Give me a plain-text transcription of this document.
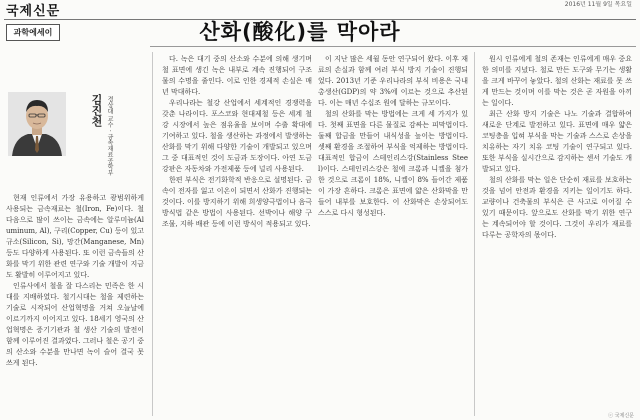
국제신문	2016년 11월 9일 목요일
과학에세이	산화(酸化)를 막아라
김진천 경상대 교수 · 금속재료공학부

현재 인류에서 가장 유용하고 광범위하게 사용되는 금속재료는 철(Iron, Fe)이다. 철 다음으로 많이 쓰이는 금속에는 알루미늄(Aluminum, Al), 구리(Copper, Cu) 등이 있고 규소(Silicon, Si), 망간(Manganese, Mn) 등도 다양하게 사용된다. 또 이런 금속들의 산화를 막기 위한 관련 연구와 기술 개발이 지금도 활발히 이루어지고 있다.

인류사에서 철을 잘 다스리는 민족은 한 시대를 지배하였다. 철기시대는 철을 제련하는 기술로 시작되어 산업혁명을 거쳐 오늘날에 이르기까지 이어지고 있다. 18세기 영국의 산업혁명은 증기기관과 철 생산 기술의 발전이 함께 이루어진 결과였다. 그러나 철은 공기 중의 산소와 수분을 만나면 녹이 슬어 결국 못 쓰게 된다.

다. 녹은 대기 중의 산소와 수분에 의해 생기며 철 표면에 생긴 녹은 내부로 계속 진행되어 구조물의 수명을 줄인다. 이로 인한 경제적 손실은 매년 막대하다.

우리나라는 철강 산업에서 세계적인 경쟁력을 갖춘 나라이다. 포스코와 현대제철 등은 세계 철강 시장에서 높은 점유율을 보이며 수출 확대에 기여하고 있다. 철을 생산하는 과정에서 발생하는 산화를 막기 위해 다양한 기술이 개발되고 있으며 그 중 대표적인 것이 도금과 도장이다. 아연 도금 강판은 자동차와 가전제품 등에 널리 사용된다.

한편 부식은 전기화학적 반응으로 설명된다. 금속이 전자를 잃고 이온이 되면서 산화가 진행되는 것이다. 이를 방지하기 위해 희생양극법이나 음극방식법 같은 방법이 사용된다. 선박이나 해양 구조물, 지하 배관 등에 이런 방식이 적용되고 있다.

이 지난 많은 세월 동안 연구되어 왔다. 이후 재료의 손실과 함께 여러 부식 방지 기술이 진행되었다. 2013년 기준 우리나라의 부식 비용은 국내총생산(GDP)의 약 3%에 이르는 것으로 추산된다. 이는 매년 수십조 원에 달하는 규모이다.

철의 산화를 막는 방법에는 크게 세 가지가 있다. 첫째 표면을 다른 물질로 감싸는 피막법이다. 둘째 합금을 만들어 내식성을 높이는 방법이다. 셋째 환경을 조절하여 부식을 억제하는 방법이다. 대표적인 합금이 스테인리스강(Stainless Steel)이다. 스테인리스강은 철에 크롬과 니켈을 첨가한 것으로 크롬이 18%, 니켈이 8% 들어간 제품이 가장 흔하다. 크롬은 표면에 얇은 산화막을 만들어 내부를 보호한다. 이 산화막은 손상되어도 스스로 다시 형성된다.

원시 인류에게 철의 존재는 인류에게 매우 중요한 의미를 지녔다. 철로 만든 도구와 무기는 생활을 크게 바꾸어 놓았다. 철의 산화는 재료를 못 쓰게 만드는 것이며 이를 막는 것은 곧 자원을 아끼는 일이다.

최근 산화 방지 기술은 나노 기술과 결합하여 새로운 단계로 발전하고 있다. 표면에 매우 얇은 코팅층을 입혀 부식을 막는 기술과 스스로 손상을 치유하는 자기 치유 코팅 기술이 연구되고 있다. 또한 부식을 실시간으로 감지하는 센서 기술도 개발되고 있다.

철의 산화를 막는 일은 단순히 재료를 보호하는 것을 넘어 안전과 환경을 지키는 일이기도 하다. 교량이나 건축물의 부식은 큰 사고로 이어질 수 있기 때문이다. 앞으로도 산화를 막기 위한 연구는 계속되어야 할 것이다. 그것이 우리가 재료를 다루는 공학자의 몫이다.

ⓒ 국제신문
